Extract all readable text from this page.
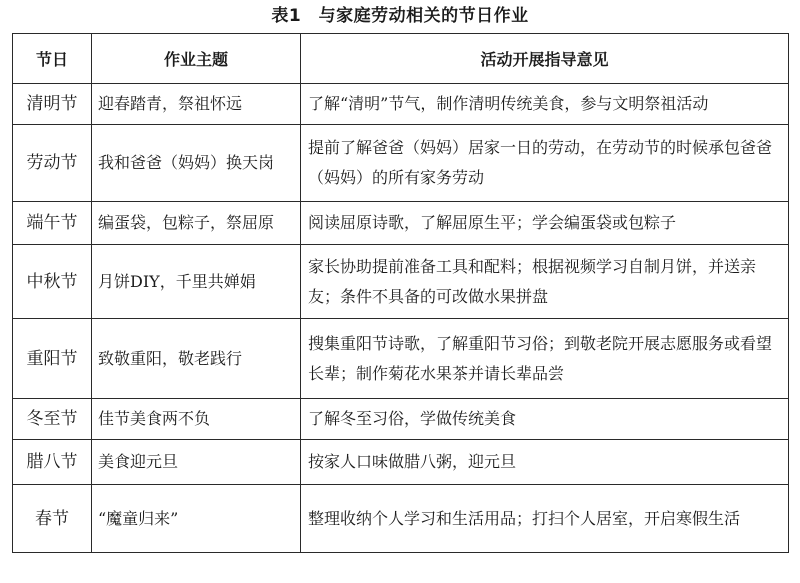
表1　与家庭劳动相关的节日作业
节日	作业主题	活动开展指导意见
清明节	迎春踏青，祭祖怀远	了解“清明”节气，制作清明传统美食，参与文明祭祖活动
劳动节	我和爸爸（妈妈）换天岗	提前了解爸爸（妈妈）居家一日的劳动，在劳动节的时候承包爸爸（妈妈）的所有家务劳动
端午节	编蛋袋，包粽子，祭屈原	阅读屈原诗歌，了解屈原生平；学会编蛋袋或包粽子
中秋节	月饼DIY，千里共婵娟	家长协助提前准备工具和配料；根据视频学习自制月饼，并送亲友；条件不具备的可改做水果拼盘
重阳节	致敬重阳，敬老践行	搜集重阳节诗歌，了解重阳节习俗；到敬老院开展志愿服务或看望长辈；制作菊花水果茶并请长辈品尝
冬至节	佳节美食两不负	了解冬至习俗，学做传统美食
腊八节	美食迎元旦	按家人口味做腊八粥，迎元旦
春节	“魔童归来”	整理收纳个人学习和生活用品；打扫个人居室，开启寒假生活
